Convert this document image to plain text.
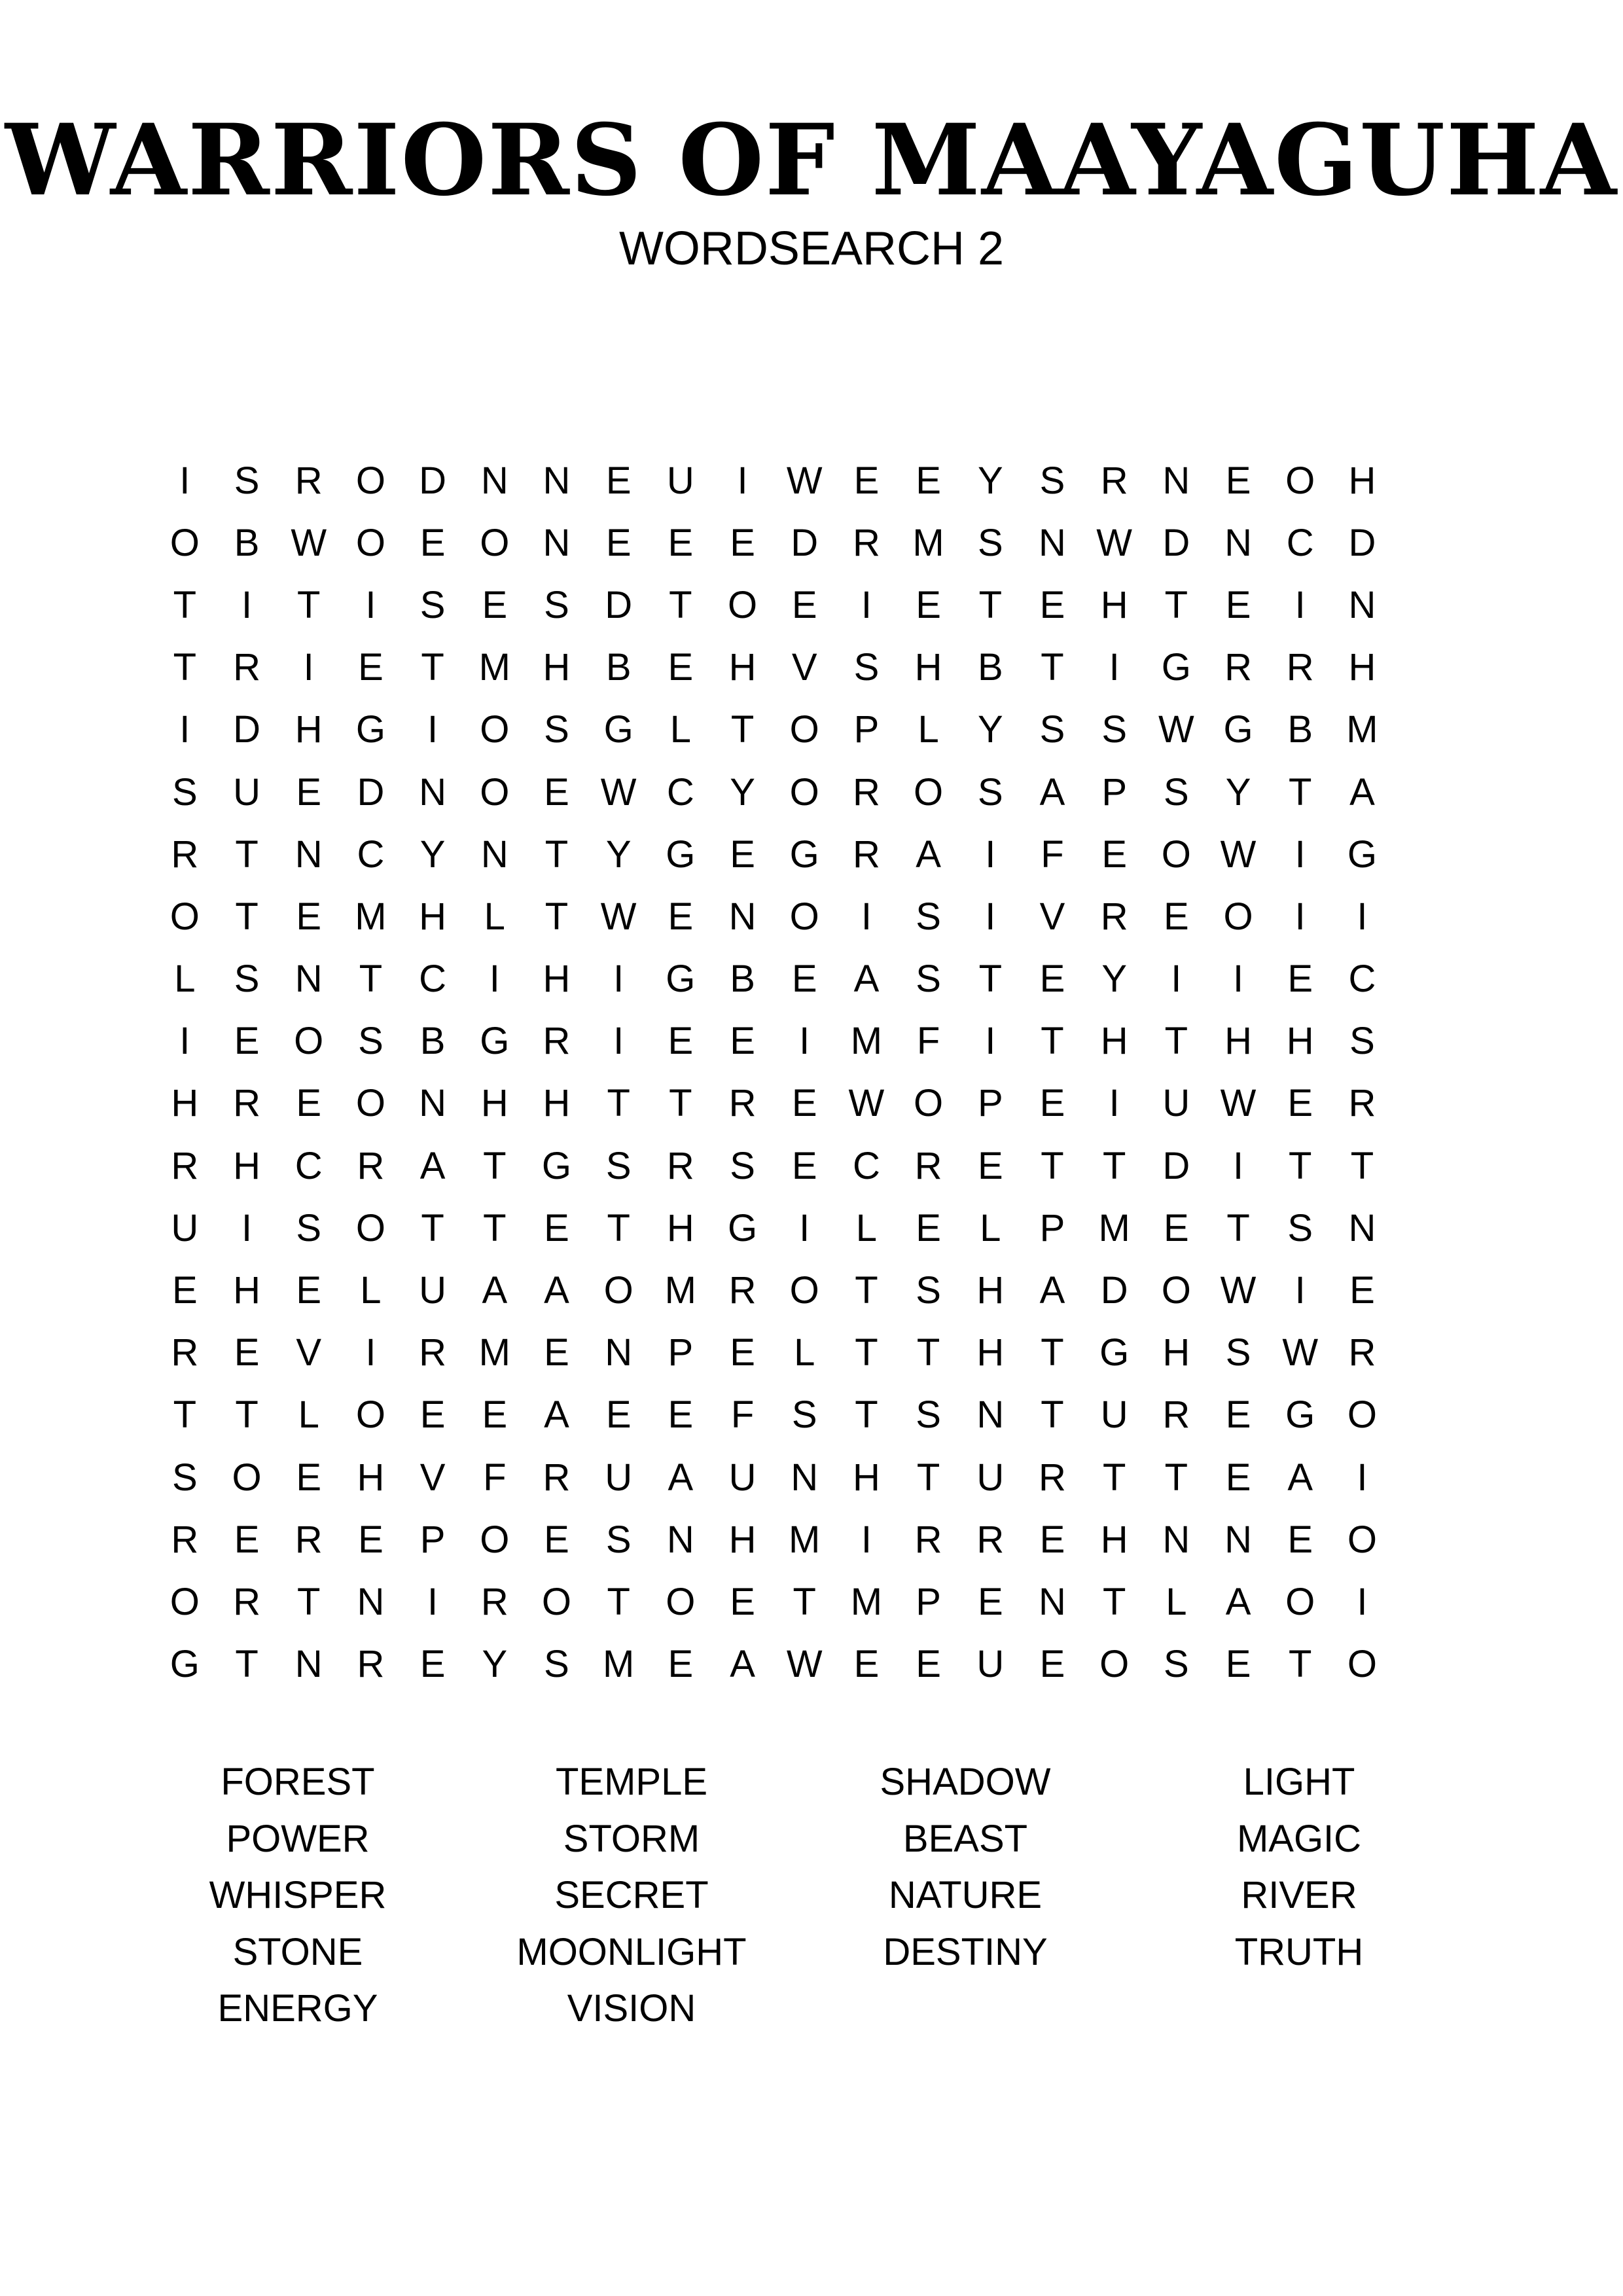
WARRIORS OF MAAYAGUHA
WORDSEARCH 2
I	S R O D N N E U	I	W E E Y S R N E O H
O B W O E O N E E E D R M S N W D N C D
T	I	T	I	S E S D T O E	I	E T E H T E	I	N
T R	I	E T M H B E H V S H B T	I	G R R H
I	D H G	I	O S G L	T O P	L	Y S S W G B M
S U E D N O E W C Y O R O S A P S Y T A
R T N C Y N T Y G E G R A	I	F E O W	I	G
O T E M H L	T W E N O	I	S	I	V R E O	I	I
L	S N T C	I	H	I	G B E A S T E Y	I	I	E C
I	E O S B G R	I	E E	I	M F	I	T H T H H S
H R E O N H H T	T R E W O P E	I	U W E R
R H C R A T G S R S E C R E T	T D	I	T	T
U	I	S O T	T E T H G	I	L	E	L	P M E T S N
E H E	L U A A O M R O T S H A D O W	I	E
R E V	I	R M E N P E	L	T	T H T G H S W R
T	T	L O E E A E E F S T S N T U R E G O
S O E H V F R U A U N H T U R T	T E A	I
R E R E P O E S N H M	I	R R E H N N E O
O R T N	I	R O T O E T M P E N T	L	A O	I
G T N R E Y S M E A W E E U E O S E T O
FOREST
POWER
WHISPER
STONE
ENERGY
TEMPLE
STORM
SECRET
MOONLIGHT
VISION
SHADOW
BEAST
NATURE
DESTINY
LIGHT
MAGIC
RIVER
TRUTH
